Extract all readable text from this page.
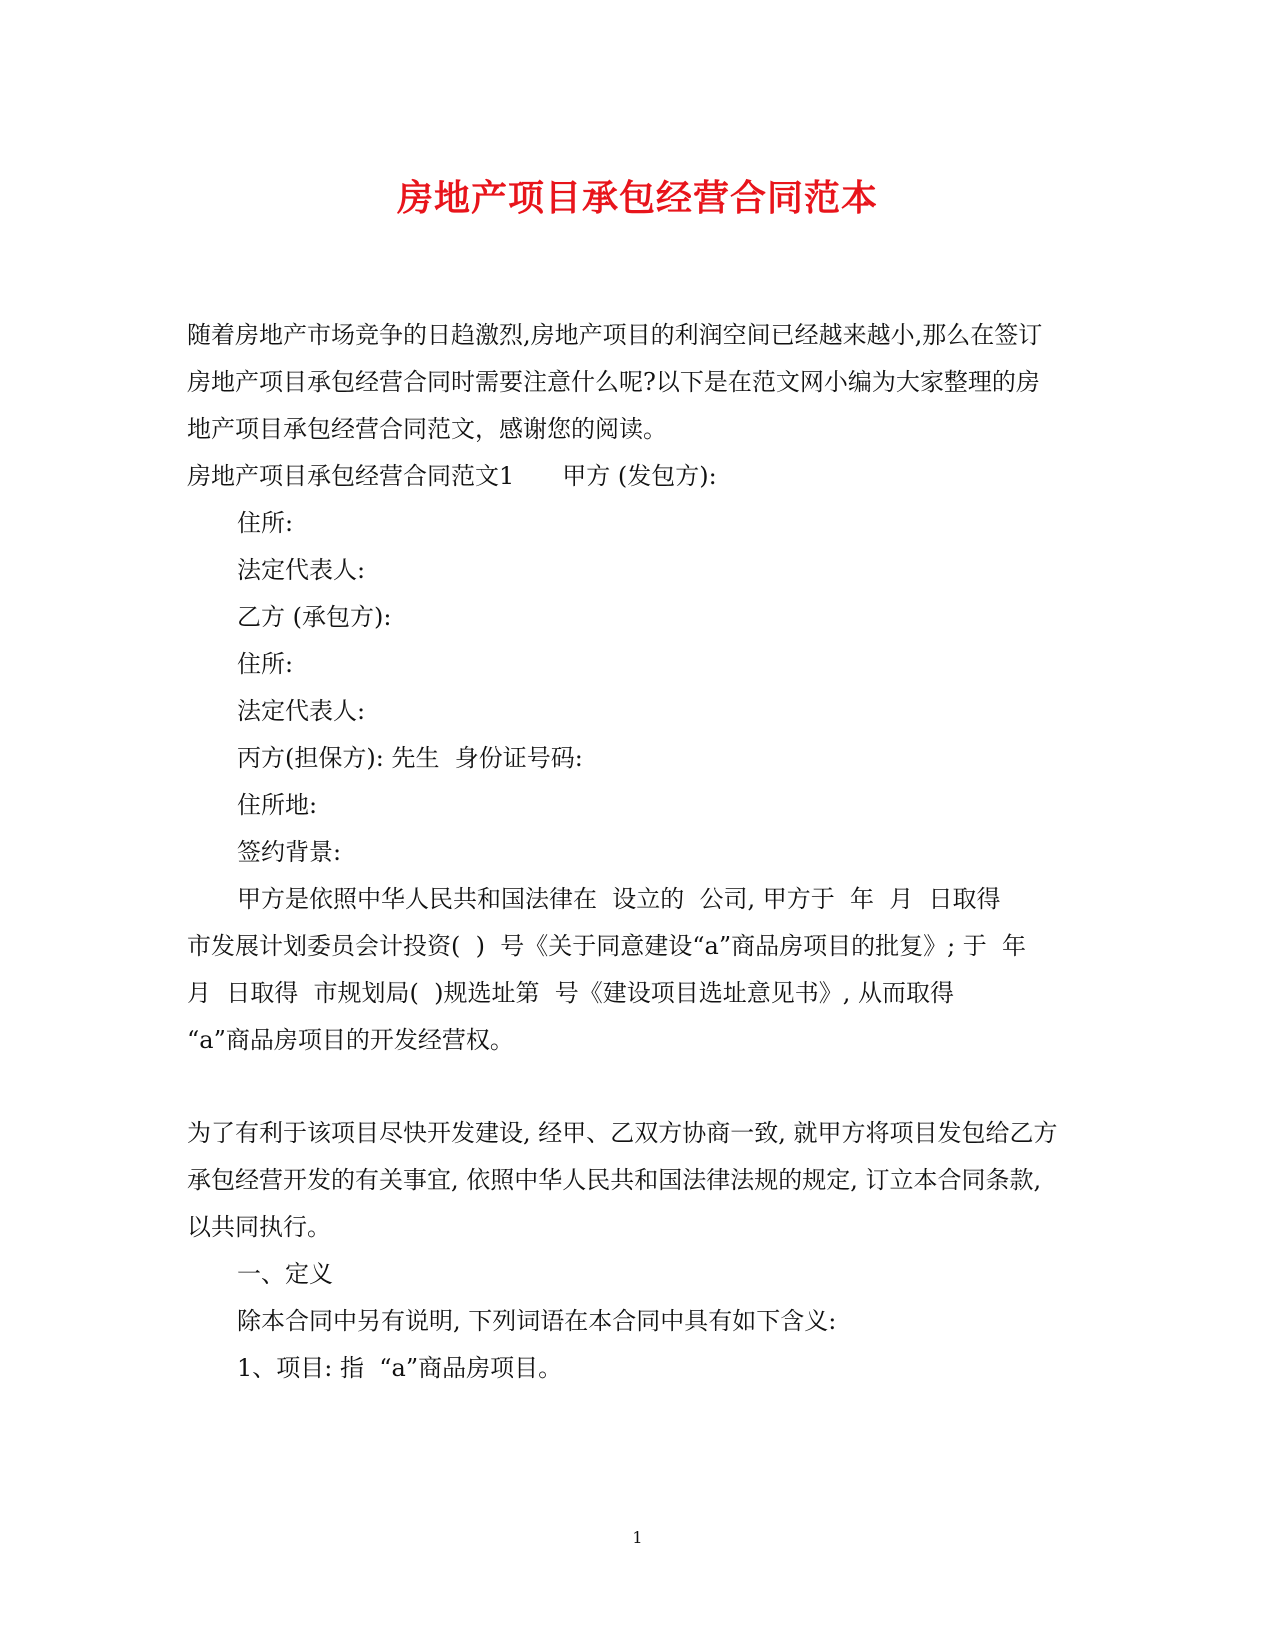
房地产项目承包经营合同范本
随着房地产市场竞争的日趋激烈,房地产项目的利润空间已经越来越小,那么在签订
房地产项目承包经营合同时需要注意什么呢?以下是在范文网小编为大家整理的房
地产项目承包经营合同范文，感谢您的阅读。
房地产项目承包经营合同范文1　　甲方 (发包方):
住所:
法定代表人:
乙方 (承包方):
住所:
法定代表人:
丙方(担保方): 先生  身份证号码:
住所地:
签约背景:
甲方是依照中华人民共和国法律在  设立的  公司, 甲方于  年  月  日取得
市发展计划委员会计投资(  )  号《关于同意建设“a”商品房项目的批复》; 于  年
月  日取得  市规划局(  )规选址第  号《建设项目选址意见书》, 从而取得
“a”商品房项目的开发经营权。
为了有利于该项目尽快开发建设, 经甲、乙双方协商一致, 就甲方将项目发包给乙方
承包经营开发的有关事宜, 依照中华人民共和国法律法规的规定, 订立本合同条款,
以共同执行。
一、定义
除本合同中另有说明, 下列词语在本合同中具有如下含义:
1、项目: 指  “a”商品房项目。
1
